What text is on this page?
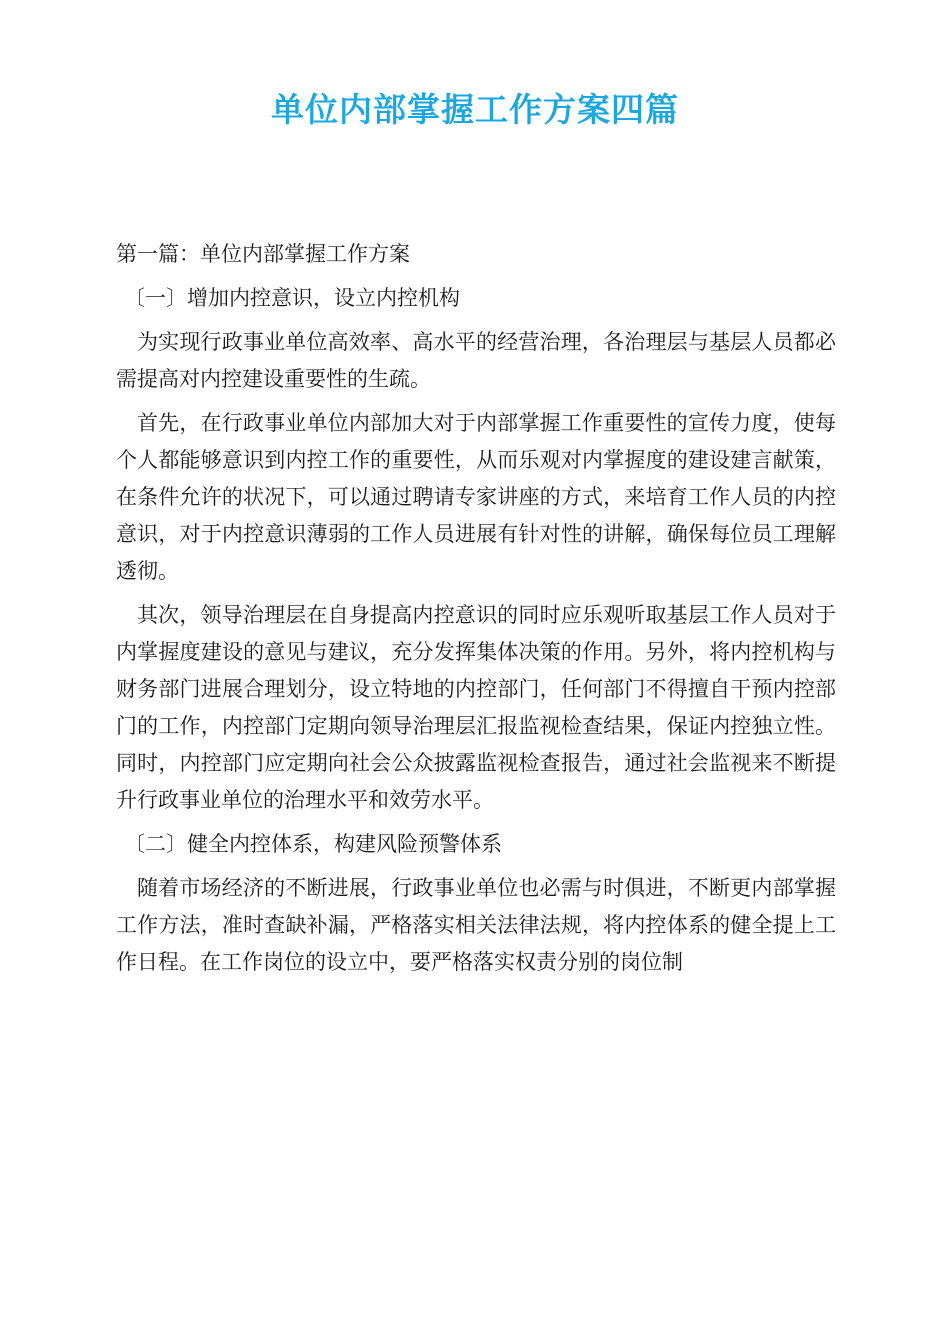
单位内部掌握工作方案四篇

第一篇：单位内部掌握工作方案

〔一〕增加内控意识，设立内控机构

为实现行政事业单位高效率、高水平的经营治理，各治理层与基层人员都必需提高对内控建设重要性的生疏。

首先，在行政事业单位内部加大对于内部掌握工作重要性的宣传力度，使每个人都能够意识到内控工作的重要性，从而乐观对内掌握度的建设建言献策，在条件允许的状况下，可以通过聘请专家讲座的方式，来培育工作人员的内控意识，对于内控意识薄弱的工作人员进展有针对性的讲解，确保每位员工理解透彻。

其次，领导治理层在自身提高内控意识的同时应乐观听取基层工作人员对于内掌握度建设的意见与建议，充分发挥集体决策的作用。另外，将内控机构与财务部门进展合理划分，设立特地的内控部门，任何部门不得擅自干预内控部门的工作，内控部门定期向领导治理层汇报监视检查结果，保证内控独立性。同时，内控部门应定期向社会公众披露监视检查报告，通过社会监视来不断提升行政事业单位的治理水平和效劳水平。

〔二〕健全内控体系，构建风险预警体系

随着市场经济的不断进展，行政事业单位也必需与时俱进，不断更内部掌握工作方法，准时查缺补漏，严格落实相关法律法规，将内控体系的健全提上工作日程。在工作岗位的设立中，要严格落实权责分别的岗位制
